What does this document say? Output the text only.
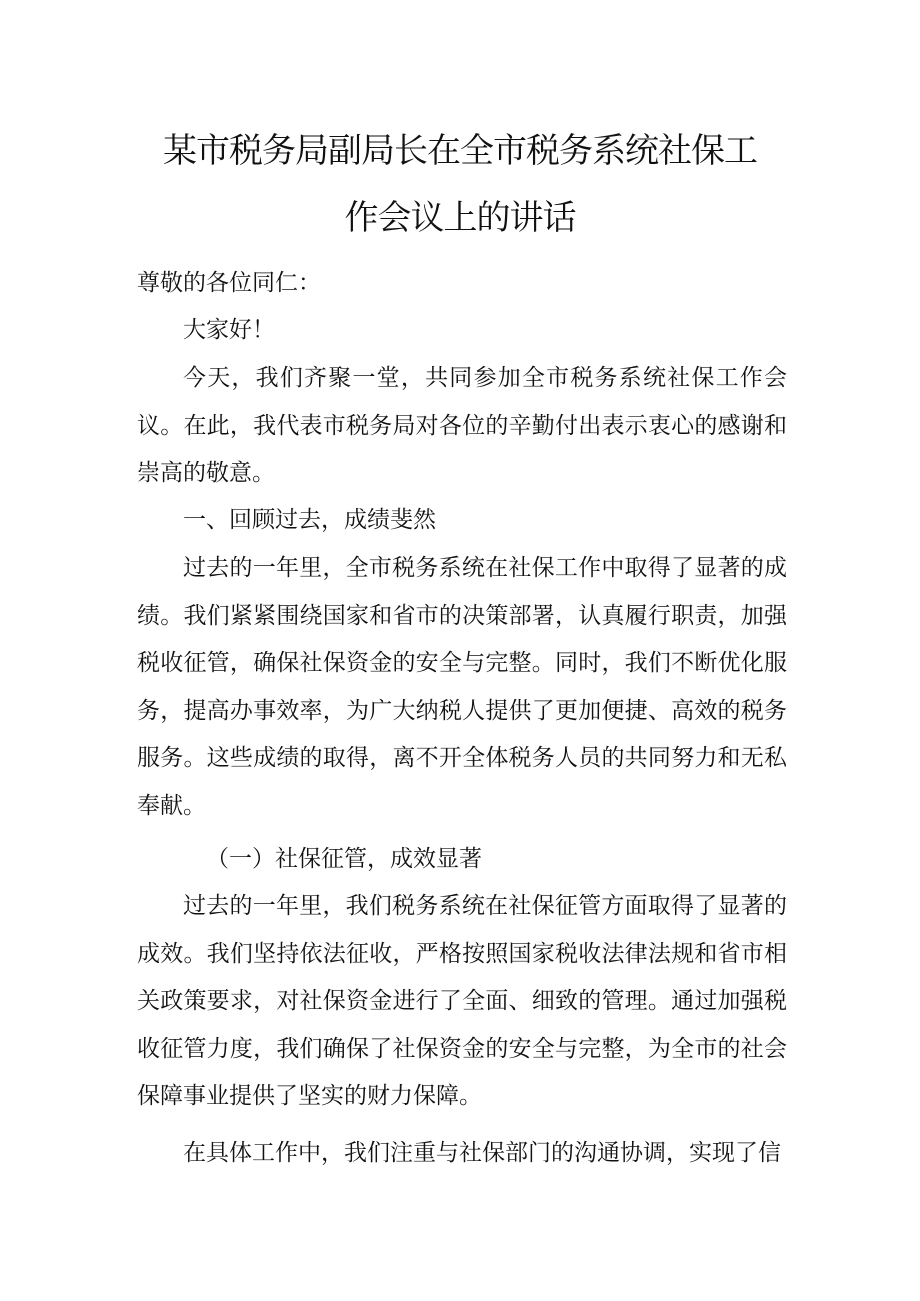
某市税务局副局长在全市税务系统社保工
作会议上的讲话

尊敬的各位同仁：

大家好！

今天，我们齐聚一堂，共同参加全市税务系统社保工作会议。在此，我代表市税务局对各位的辛勤付出表示衷心的感谢和崇高的敬意。

一、回顾过去，成绩斐然

过去的一年里，全市税务系统在社保工作中取得了显著的成绩。我们紧紧围绕国家和省市的决策部署，认真履行职责，加强税收征管，确保社保资金的安全与完整。同时，我们不断优化服务，提高办事效率，为广大纳税人提供了更加便捷、高效的税务服务。这些成绩的取得，离不开全体税务人员的共同努力和无私奉献。

（一）社保征管，成效显著

过去的一年里，我们税务系统在社保征管方面取得了显著的成效。我们坚持依法征收，严格按照国家税收法律法规和省市相关政策要求，对社保资金进行了全面、细致的管理。通过加强税收征管力度，我们确保了社保资金的安全与完整，为全市的社会保障事业提供了坚实的财力保障。

在具体工作中，我们注重与社保部门的沟通协调，实现了信
